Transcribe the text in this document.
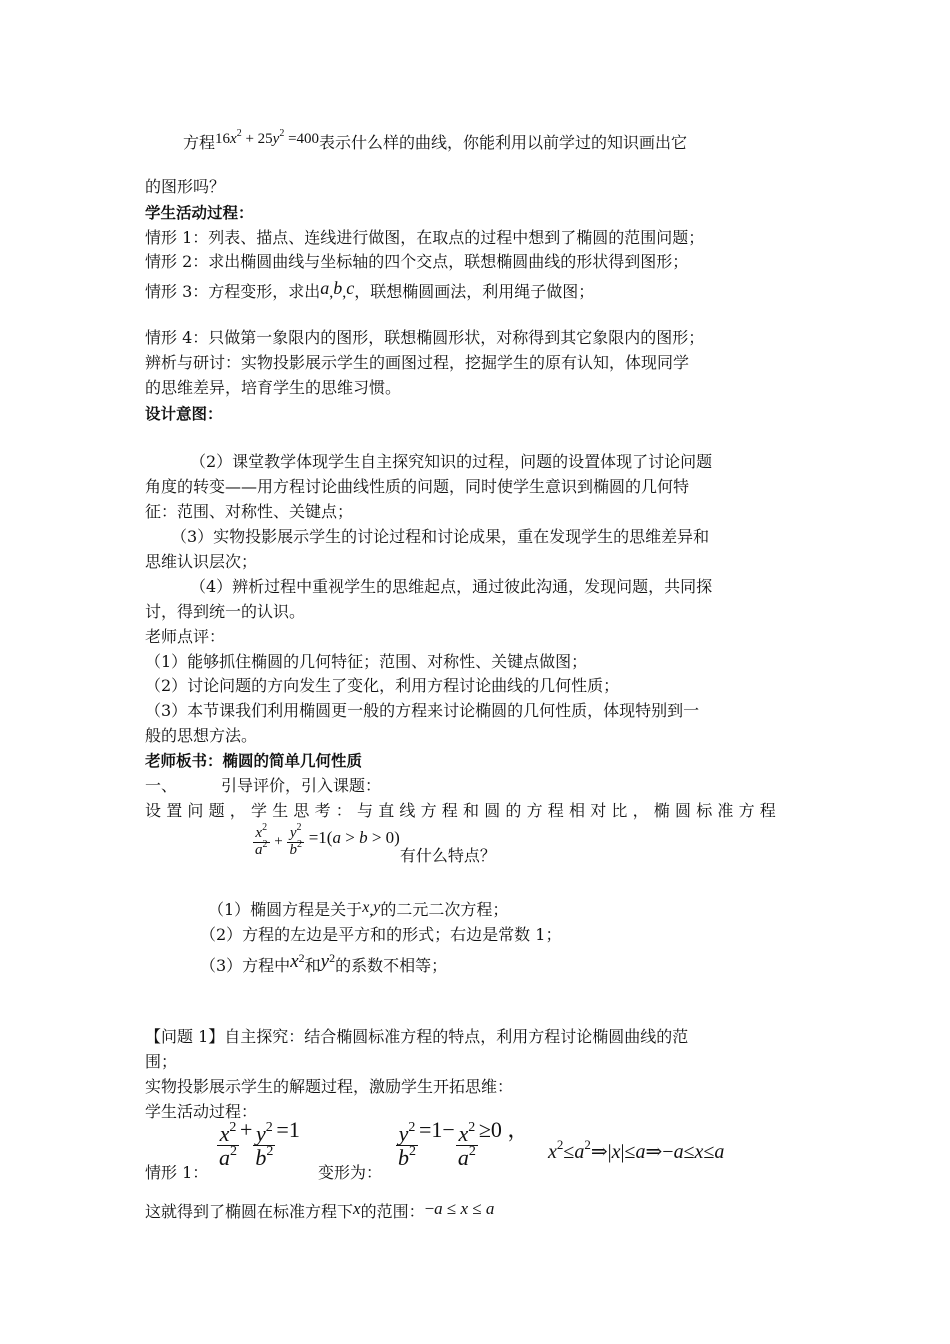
方程$16x^2 + 25y^2 =400$表示什么样的曲线，你能利用以前学过的知识画出它
的图形吗？
学生活动过程：
情形 1：列表、描点、连线进行做图，在取点的过程中想到了椭圆的范围问题；
情形 2：求出椭圆曲线与坐标轴的四个交点，联想椭圆曲线的形状得到图形；
情形 3：方程变形，求出a,b,c，联想椭圆画法，利用绳子做图；
情形 4：只做第一象限内的图形，联想椭圆形状，对称得到其它象限内的图形；
辨析与研讨：实物投影展示学生的画图过程，挖掘学生的原有认知，体现同学
的思维差异，培育学生的思维习惯。
设计意图：
（2）课堂教学体现学生自主探究知识的过程，问题的设置体现了讨论问题
角度的转变——用方程讨论曲线性质的问题，同时使学生意识到椭圆的几何特
征：范围、对称性、关键点；
（3）实物投影展示学生的讨论过程和讨论成果，重在发现学生的思维差异和
思维认识层次；
（4）辨析过程中重视学生的思维起点，通过彼此沟通，发现问题，共同探
讨，得到统一的认识。
老师点评：
（1）能够抓住椭圆的几何特征；范围、对称性、关键点做图；
（2）讨论问题的方向发生了变化，利用方程讨论曲线的几何性质；
（3）本节课我们利用椭圆更一般的方程来讨论椭圆的几何性质，体现特别到一
般的思想方法。
老师板书：椭圆的简单几何性质
一、	引导评价，引入课题：
设置问题，学生思考：与直线方程和圆的方程相对比，椭圆标准方程
$\frac{x^2}{a^2} + \frac{y^2}{b^2} =1(a > b > 0)$有什么特点？
（1）椭圆方程是关于x,y的二元二次方程；
（2）方程的左边是平方和的形式；右边是常数 1；
（3）方程中$x^2$和$y^2$的系数不相等；
【问题 1】自主探究：结合椭圆标准方程的特点，利用方程讨论椭圆曲线的范
围；
实物投影展示学生的解题过程，激励学生开拓思维：
学生活动过程：
情形 1：
$\frac{x^2}{a^2} + \frac{y^2}{b^2} =1$
变形为：
$\frac{y^2}{b^2} =1- \frac{x^2}{a^2} \ge 0$ ，
$x^2\le a^2\Rightarrow|x|\le a\Rightarrow-a\le x\le a$
这就得到了椭圆在标准方程下x的范围：−a ≤ x ≤ a
